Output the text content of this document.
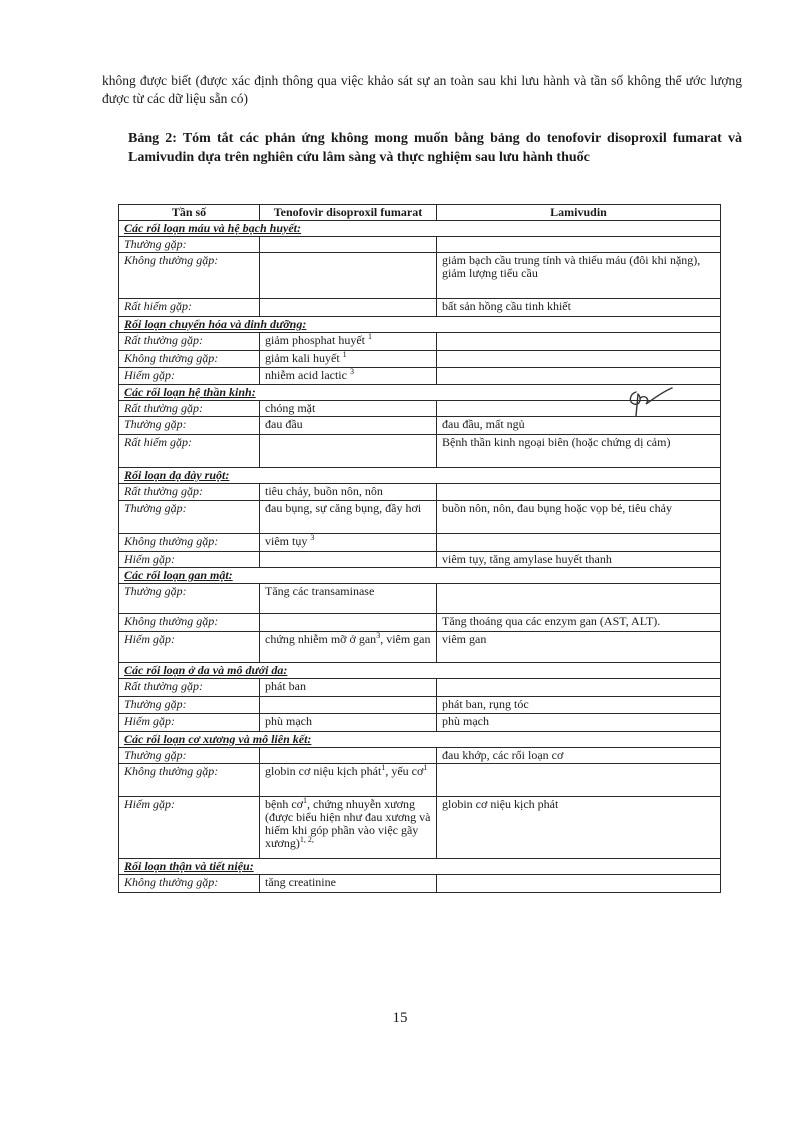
không được biết (được xác định thông qua việc khảo sát sự an toàn sau khi lưu hành và tần số không thể ước lượng được từ các dữ liệu sẵn có)
Bảng 2: Tóm tắt các phản ứng không mong muốn bằng bảng do tenofovir disoproxil fumarat và Lamivudin dựa trên nghiên cứu lâm sàng và thực nghiệm sau lưu hành thuốc
Tần số	Tenofovir disoproxil fumarat	Lamivudin
Các rối loạn máu và hệ bạch huyết:		
Thường gặp:		
Không thường gặp:		giảm bạch cầu trung tính và thiếu máu (đôi khi nặng), giảm lượng tiểu cầu
Rất hiếm gặp:		bất sản hồng cầu tinh khiết
Rối loạn chuyển hóa và dinh dưỡng:		
Rất thường gặp:	giảm phosphat huyết $^1$	
Không thường gặp:	giảm kali huyết $^1$	
Hiếm gặp:	nhiễm acid lactic $^3$	
Các rối loạn hệ thần kinh:		
Rất thường gặp:	chóng mặt	
Thường gặp:	đau đầu	đau đầu, mất ngủ
Rất hiếm gặp:		Bệnh thần kinh ngoại biên (hoặc chứng dị cảm)
Rối loạn dạ dày ruột:		
Rất thường gặp:	tiêu chảy, buồn nôn, nôn	
Thường gặp:	đau bụng, sự căng bụng, đầy hơi	buồn nôn, nôn, đau bụng hoặc vọp bẻ, tiêu chảy
Không thường gặp:	viêm tụy $^3$	
Hiếm gặp:		viêm tụy, tăng amylase huyết thanh
Các rối loạn gan mật:		
Thường gặp:	Tăng các transaminase	
Không thường gặp:		Tăng thoáng qua các enzym gan (AST, ALT).
Hiếm gặp:	chứng nhiễm mỡ ở gan$^3$, viêm gan	viêm gan
Các rối loạn ở da và mô dưới da:		
Rất thường gặp:	phát ban	
Thường gặp:		phát ban, rụng tóc
Hiếm gặp:	phù mạch	phù mạch
Các rối loạn cơ xương và mô liên kết:		
Thường gặp:		đau khớp, các rối loạn cơ
Không thường gặp:	globin cơ niệu kịch phát$^1$, yếu $cơ^1$	
Hiếm gặp:	bệnh $cơ^1$, chứng nhuyễn xương (được biểu hiện như đau xương và hiếm khi góp phần vào việc gãy xương)$^{1, 2,}$	globin cơ niệu kịch phát
Rối loạn thận và tiết niệu:		
Không thường gặp:	tăng creatinine	
15
